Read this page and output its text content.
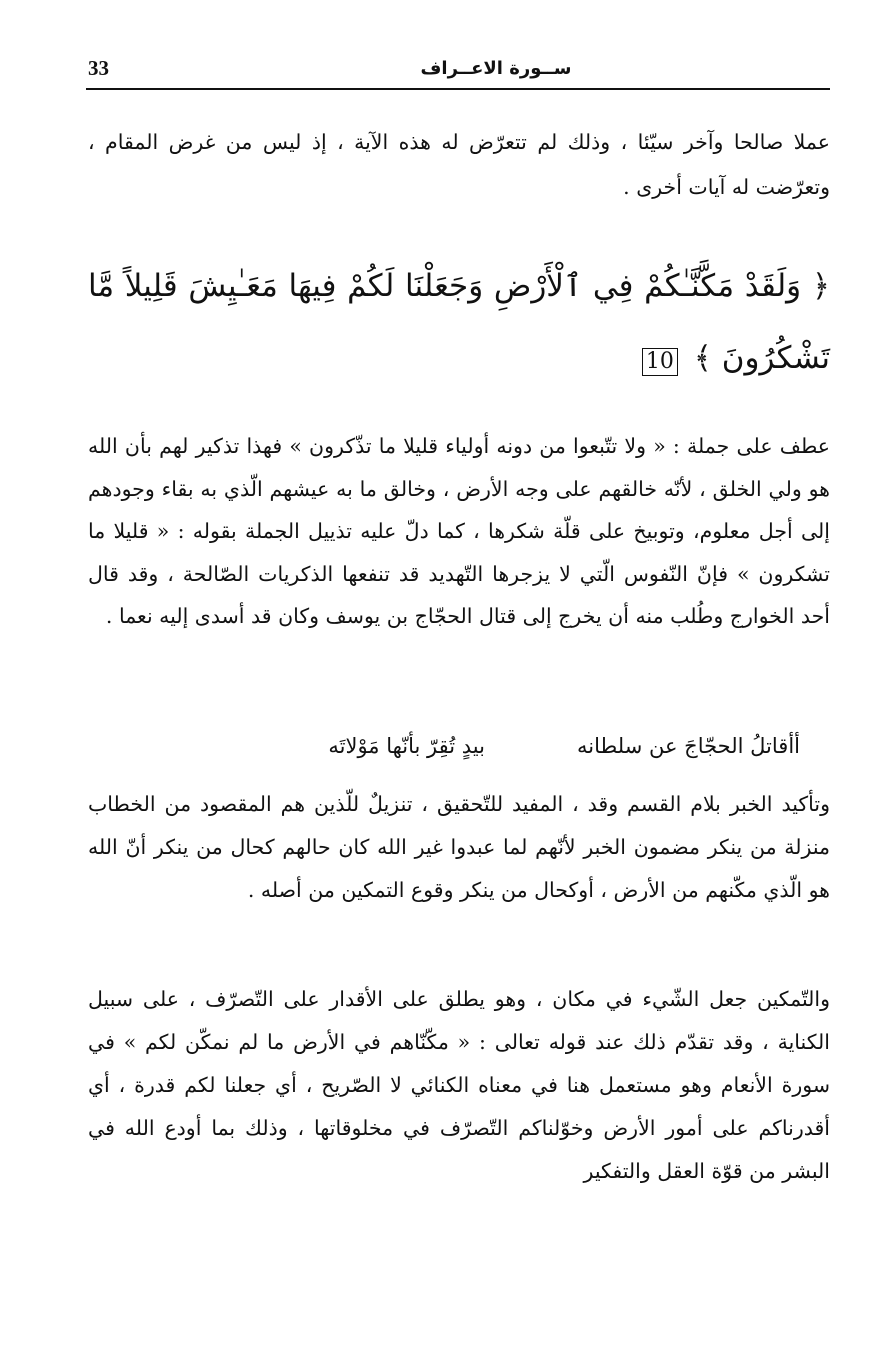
33	ســورة الاعــراف

عملا صالحا وآخر سيّئا ، وذلك لم تتعرّض له هذه الآية ، إذ ليس من غرض المقام ، وتعرّضت له آيات أخرى .

﴿ وَلَقَدْ مَكَّنَّـٰكُمْ فِي ٱلْأَرْضِ وَجَعَلْنَا لَكُمْ فِيهَا مَعَـٰيِشَ قَلِيلاً مَّا تَشْكُرُونَ ﴾ 10

عطف على جملة : « ولا تتّبعوا من دونه أولياء قليلا ما تذّكرون » فهذا تذكير لهم بأن الله هو ولي الخلق ، لأنّه خالقهم على وجه الأرض ، وخالق ما به عيشهم الّذي به بقاء وجودهم إلى أجل معلوم، وتوبيخ على قلّة شكرها ، كما دلّ عليه تذييل الجملة بقوله : « قليلا ما تشكرون » فإنّ النّفوس الّتي لا يزجرها التّهديد قد تنفعها الذكريات الصّالحة ، وقد قال أحد الخوارج وطُلب منه أن يخرج إلى قتال الحجّاج بن يوسف وكان قد أسدى إليه نعما .

أأقاتلُ الحجّاجَ عن سلطانه
بيدٍ تُقِرّ بأنّها مَوْلاتَه

وتأكيد الخبر بلام القسم وقد ، المفيد للتّحقيق ، تنزيلٌ للّذين هم المقصود من الخطاب منزلة من ينكر مضمون الخبر لأنّهم لما عبدوا غير الله كان حالهم كحال من ينكر أنّ الله هو الّذي مكّنهم من الأرض ، أوكحال من ينكر وقوع التمكين من أصله .

والتّمكين جعل الشّيء في مكان ، وهو يطلق على الأقدار على التّصرّف ، على سبيل الكناية ، وقد تقدّم ذلك عند قوله تعالى : « مكّنّاهم في الأرض ما لم نمكّن لكم » في سورة الأنعام وهو مستعمل هنا في معناه الكنائي لا الصّريح ، أي جعلنا لكم قدرة ، أي أقدرناكم على أمور الأرض وخوّلناكم التّصرّف في مخلوقاتها ، وذلك بما أودع الله في البشر من قوّة العقل والتفكير
